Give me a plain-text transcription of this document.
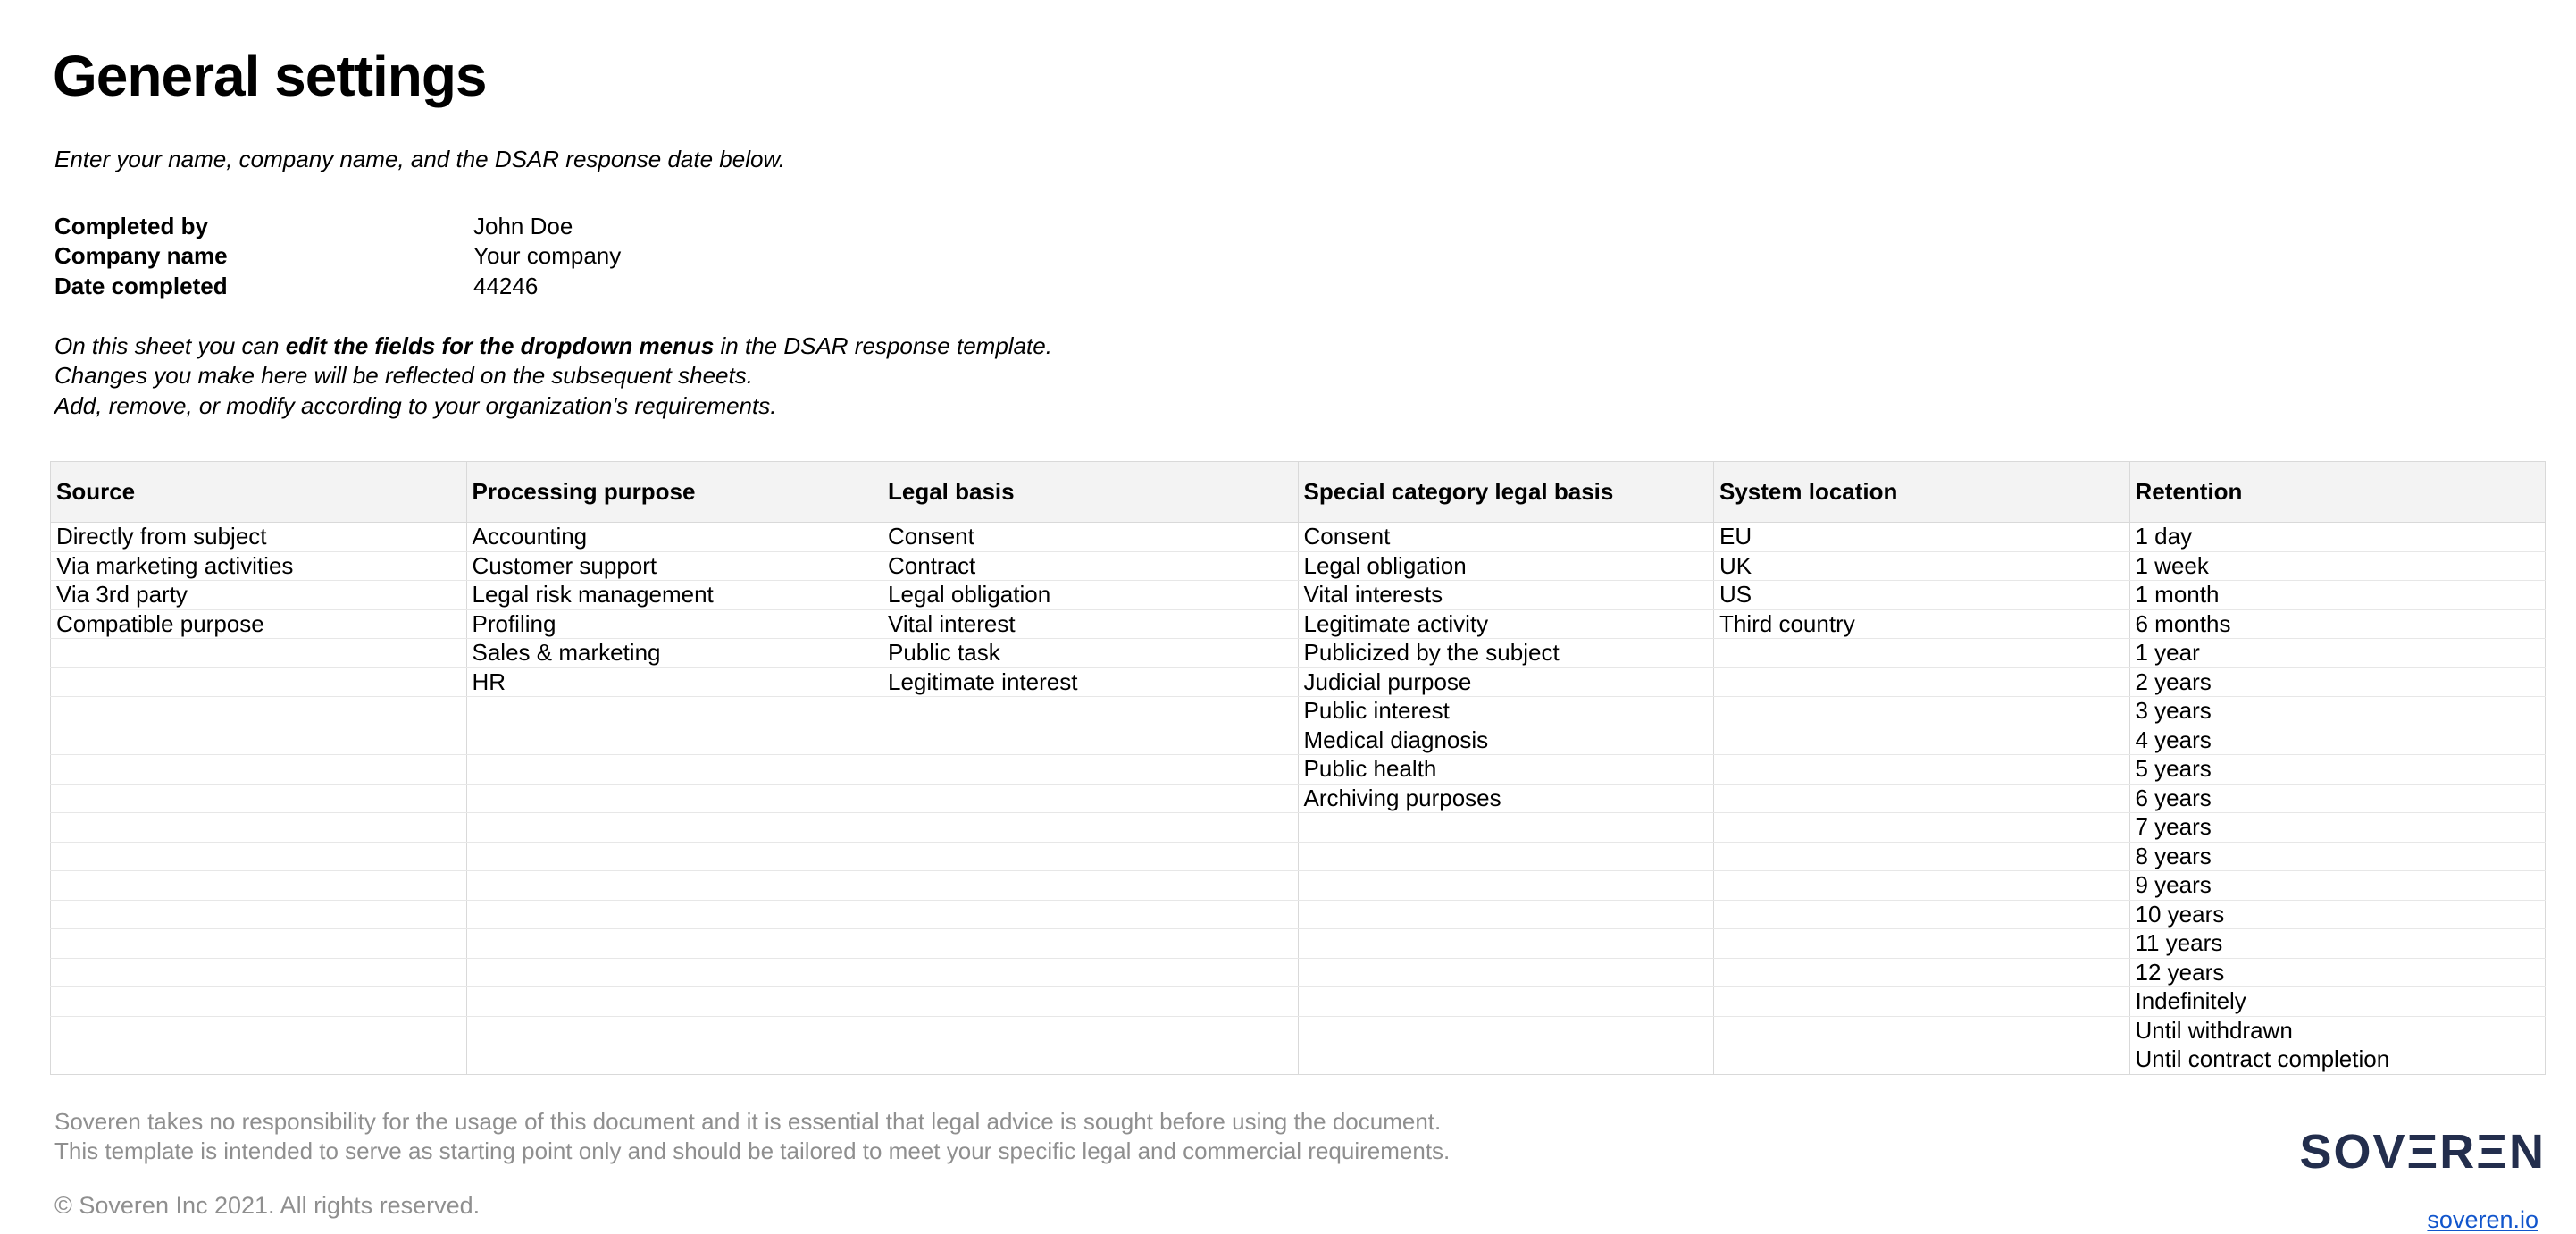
General settings
Enter your name, company name, and the DSAR response date below.
Completed by	John Doe
Company name	Your company
Date completed	44246

On this sheet you can edit the fields for the dropdown menus in the DSAR response template.

Changes you make here will be reflected on the subsequent sheets.

Add, remove, or modify according to your organization's requirements.

Source	Processing purpose	Legal basis	Special category legal basis	System location	Retention
Directly from subject	Accounting	Consent	Consent	EU	1 day
Via marketing activities	Customer support	Contract	Legal obligation	UK	1 week
Via 3rd party	Legal risk management	Legal obligation	Vital interests	US	1 month
Compatible purpose	Profiling	Vital interest	Legitimate activity	Third country	6 months
	Sales & marketing	Public task	Publicized by the subject		1 year
	HR	Legitimate interest	Judicial purpose		2 years
			Public interest		3 years
			Medical diagnosis		4 years
			Public health		5 years
			Archiving purposes		6 years
					7 years
					8 years
					9 years
					10 years
					11 years
					12 years
					Indefinitely
					Until withdrawn
					Until contract completion

Soveren takes no responsibility for the usage of this document and it is essential that legal advice is sought before using the document.

This template is intended to serve as starting point only and should be tailored to meet your specific legal and commercial requirements.

© Soveren Inc 2021. All rights reserved.
SOVΞRΞN

soveren.io
